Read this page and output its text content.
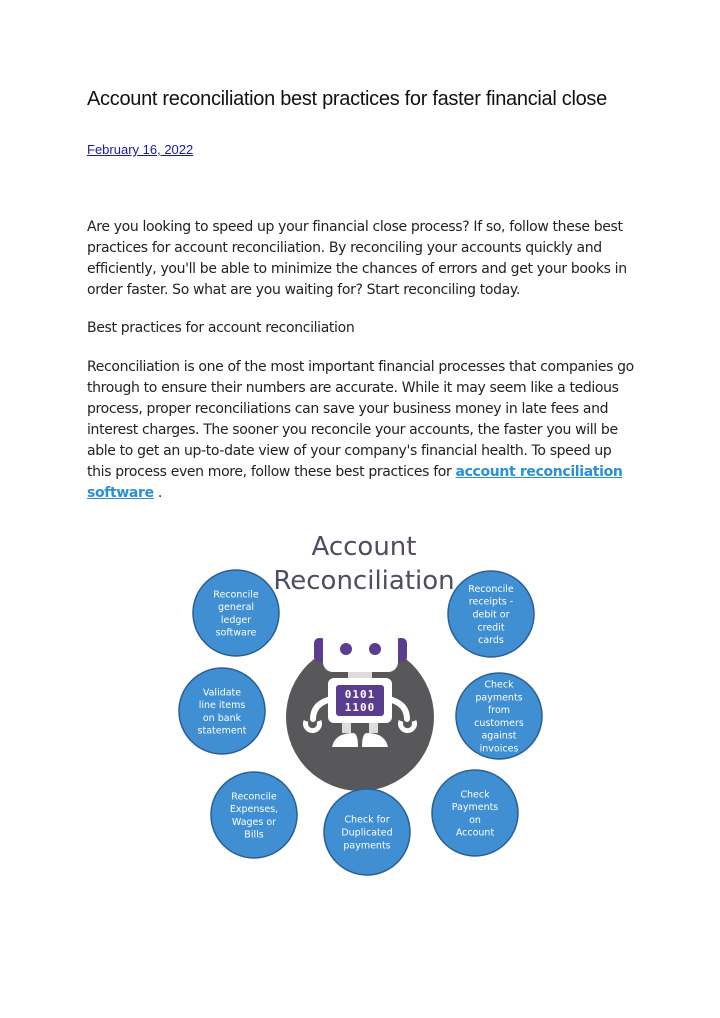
Account reconciliation best practices for faster financial close
February 16, 2022

Are you looking to speed up your financial close process? If so, follow these best practices for account reconciliation. By reconciling your accounts quickly and efficiently, you'll be able to minimize the chances of errors and get your books in order faster. So what are you waiting for? Start reconciling today.

Best practices for account reconciliation

Reconciliation is one of the most important financial processes that companies go through to ensure their numbers are accurate. While it may seem like a tedious process, proper reconciliations can save your business money in late fees and interest charges. The sooner you reconcile your accounts, the faster you will be able to get an up-to-date view of your company's financial health. To speed up this process even more, follow these best practices for account reconciliation software .

Account
Reconciliation
0101
1100
Reconcile
general
ledger
software
Reconcile
receipts -
debit or
credit
cards
Validate
line items
on bank
statement
Check
payments
from
customers
against
invoices
Reconcile
Expenses,
Wages or
Bills
Check for
Duplicated
payments
Check
Payments
on
Account
